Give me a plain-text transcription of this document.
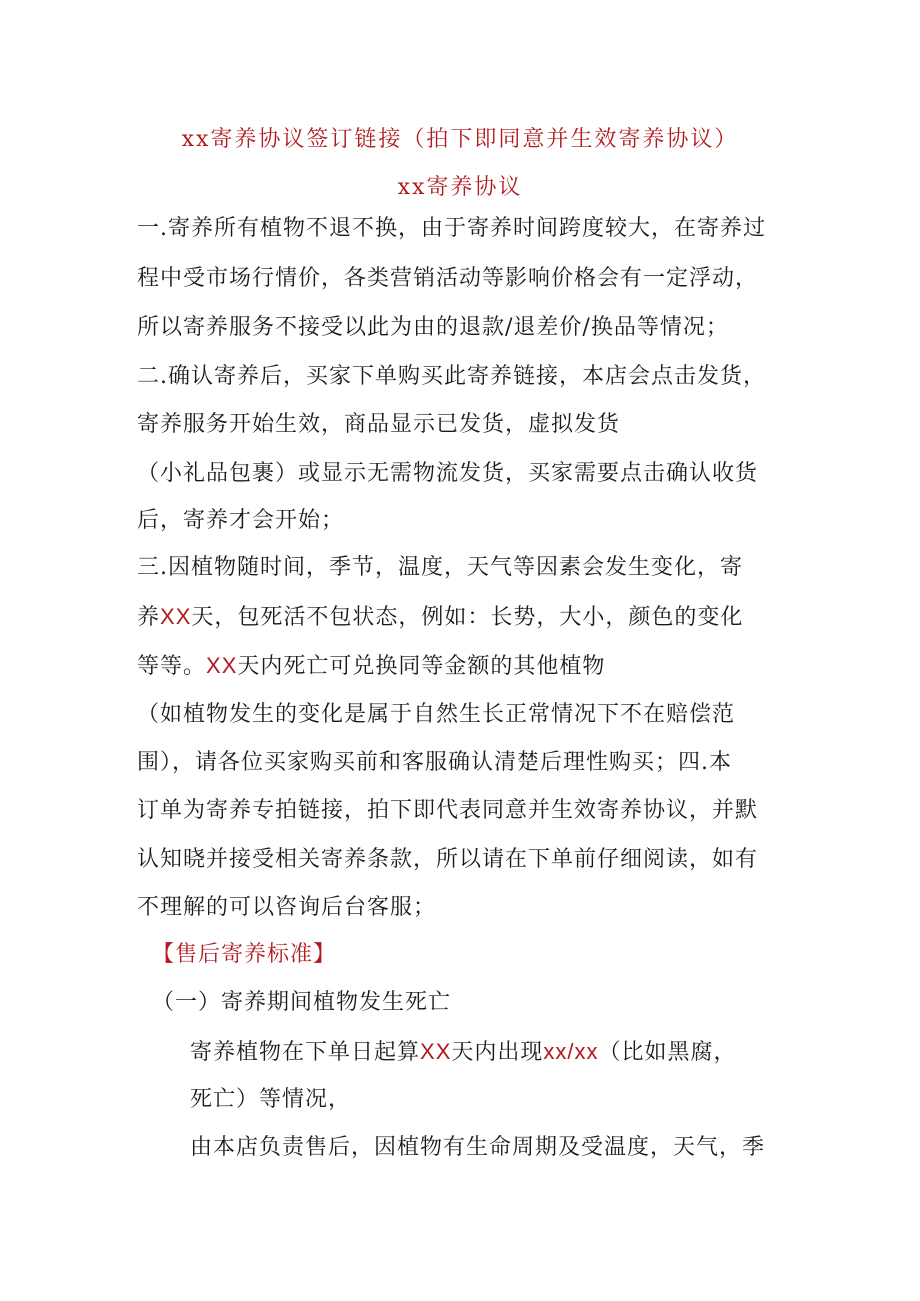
xx寄养协议签订链接（拍下即同意并生效寄养协议）
xx寄养协议
一.寄养所有植物不退不换，由于寄养时间跨度较大，在寄养过
程中受市场行情价，各类营销活动等影响价格会有一定浮动，
所以寄养服务不接受以此为由的退款/退差价/换品等情况；
二.确认寄养后，买家下单购买此寄养链接，本店会点击发货，
寄养服务开始生效，商品显示已发货，虚拟发货
（小礼品包裹）或显示无需物流发货，买家需要点击确认收货
后，寄养才会开始；
三.因植物随时间，季节，温度，天气等因素会发生变化，寄
养XX天，包死活不包状态，例如：长势，大小，颜色的变化
等等。XX天内死亡可兑换同等金额的其他植物
（如植物发生的变化是属于自然生长正常情况下不在赔偿范
围），请各位买家购买前和客服确认清楚后理性购买；四.本
订单为寄养专拍链接，拍下即代表同意并生效寄养协议，并默
认知晓并接受相关寄养条款，所以请在下单前仔细阅读，如有
不理解的可以咨询后台客服；
【售后寄养标准】
（一）寄养期间植物发生死亡
寄养植物在下单日起算XX天内出现xx/xx（比如黑腐，
死亡）等情况，
由本店负责售后，因植物有生命周期及受温度，天气，季
